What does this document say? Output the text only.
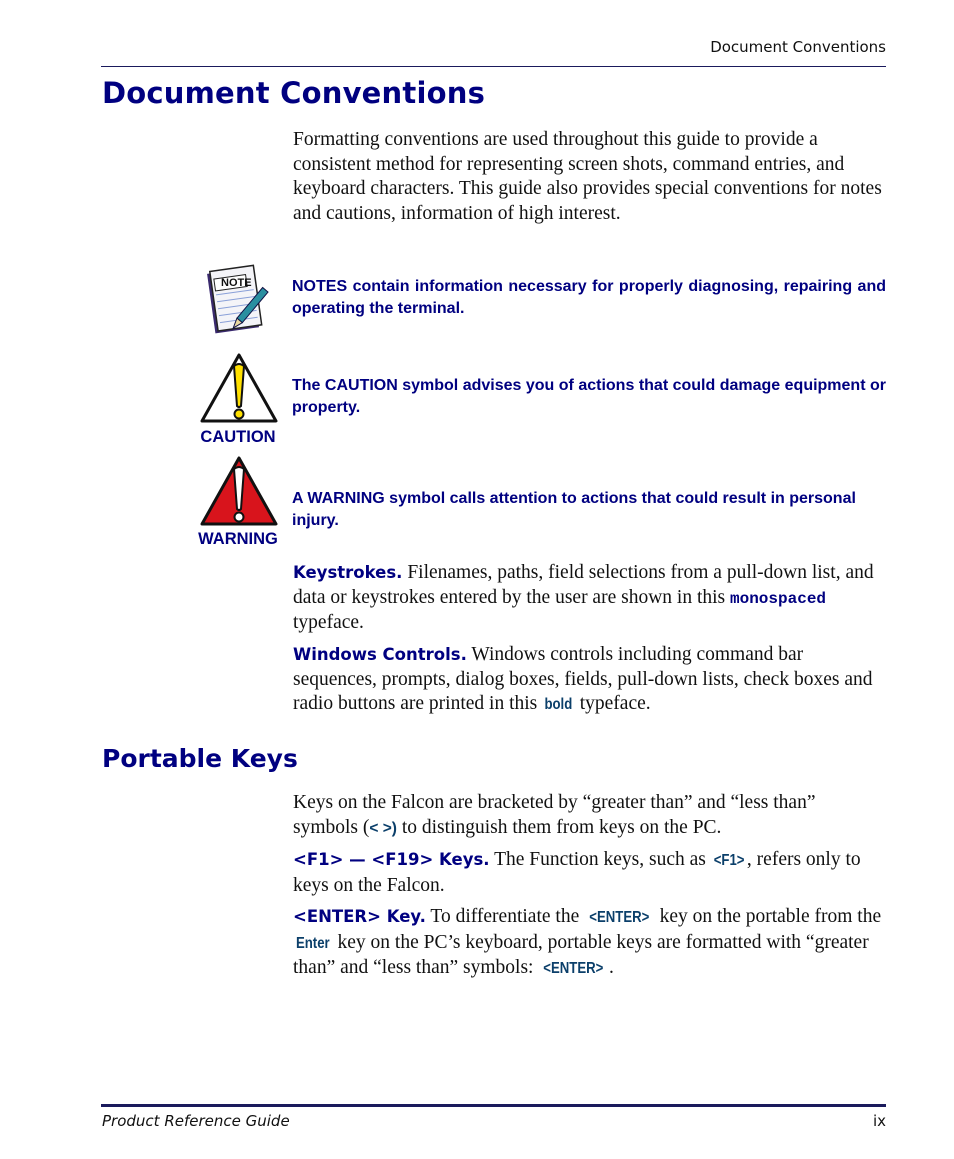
Document Conventions
Document Conventions

Formatting conventions are used throughout this guide to provide a consistent method for representing screen shots, command entries, and keyboard characters. This guide also provides special conventions for notes and cautions, information of high interest.

NOTE	NOTES contain information necessary for properly diagnosing, repairing and operating the terminal.
CAUTION
The CAUTION symbol advises you of actions that could damage equipment or property.
WARNING
A WARNING symbol calls attention to actions that could result in personal injury.

Keystrokes. Filenames, paths, field selections from a pull-down list, and data or keystrokes entered by the user are shown in this monospaced typeface.

Windows Controls. Windows controls including command bar sequences, prompts, dialog boxes, fields, pull-down lists, check boxes and radio buttons are printed in this bold typeface.

Portable Keys

Keys on the Falcon are bracketed by “greater than” and “less than” symbols (< >) to distinguish them from keys on the PC.

<F1> — <F19> Keys. The Function keys, such as <F1> , refers only to keys on the Falcon.

<ENTER> Key. To differentiate the <ENTER> key on the portable from the Enter key on the PC’s keyboard, portable keys are formatted with “greater than” and “less than” symbols: <ENTER> .

Product Reference Guide	ix
